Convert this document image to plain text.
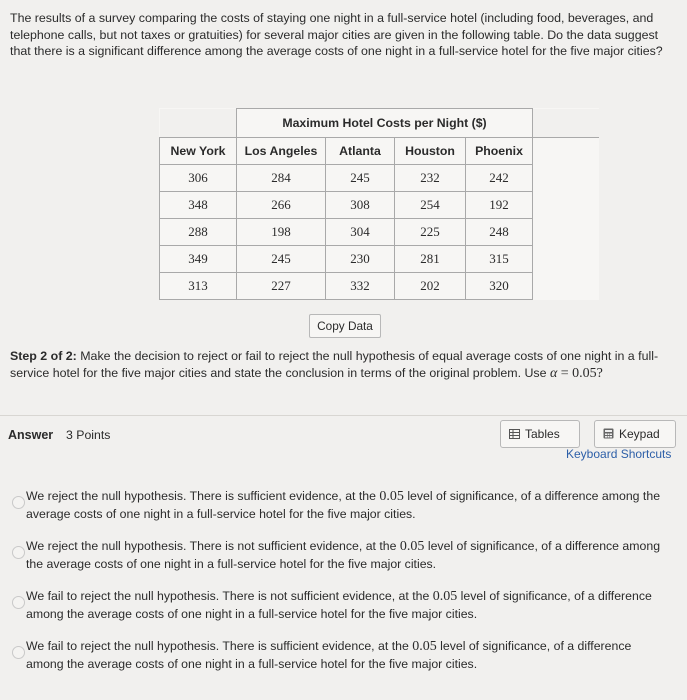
The results of a survey comparing the costs of staying one night in a full-service hotel (including food, beverages, and telephone calls, but not taxes or gratuities) for several major cities are given in the following table. Do the data suggest that there is a significant difference among the average costs of one night in a full-service hotel for the five major cities?
	Maximum Hotel Costs per Night ($)				
New York	Los Angeles	Atlanta	Houston	Phoenix	
306	284	245	232	242	
348	266	308	254	192	
288	198	304	225	248	
349	245	230	281	315	
313	227	332	202	320	
Copy Data
Step 2 of 2: Make the decision to reject or fail to reject the null hypothesis of equal average costs of one night in a full-service hotel for the five major cities and state the conclusion in terms of the original problem. Use α = 0.05?
Answer 3 Points	Tables	Keypad
Keyboard Shortcuts
We reject the null hypothesis. There is sufficient evidence, at the 0.05 level of significance, of a difference among the average costs of one night in a full-service hotel for the five major cities.
We reject the null hypothesis. There is not sufficient evidence, at the 0.05 level of significance, of a difference among the average costs of one night in a full-service hotel for the five major cities.
We fail to reject the null hypothesis. There is not sufficient evidence, at the 0.05 level of significance, of a difference among the average costs of one night in a full-service hotel for the five major cities.
We fail to reject the null hypothesis. There is sufficient evidence, at the 0.05 level of significance, of a difference among the average costs of one night in a full-service hotel for the five major cities.
